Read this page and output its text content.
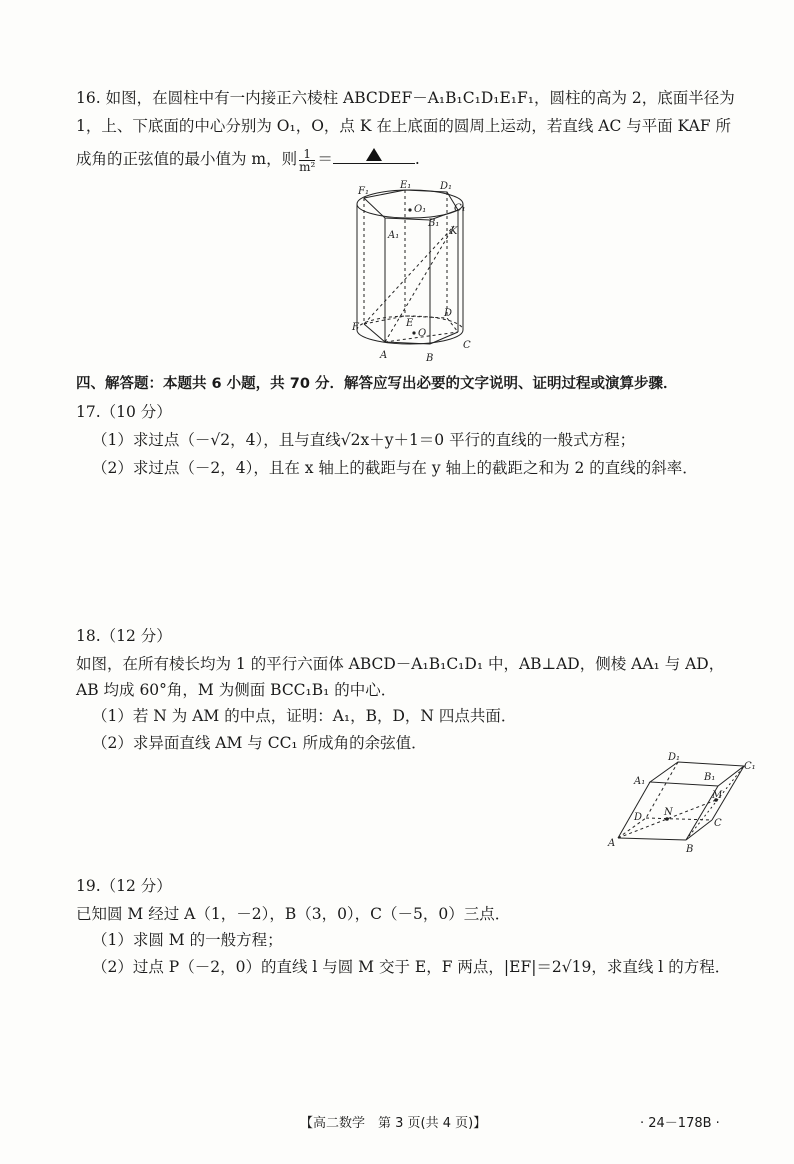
16. 如图，在圆柱中有一内接正六棱柱 ABCDEF－A₁B₁C₁D₁E₁F₁，圆柱的高为 2，底面半径为
1，上、下底面的中心分别为 O₁，O，点 K 在上底面的圆周上运动，若直线 AC 与平面 KAF 所
成角的正弦值的最小值为 m，则 $\frac{1}{\text{m²}}$ ＝	.
F₁
E₁	D₁
O₁	C₁
B₁
A₁	K
F	E
D
O
A	B
C
四、解答题：本题共 6 小题，共 70 分．解答应写出必要的文字说明、证明过程或演算步骤．
17.（10 分）
（1）求过点（－√2，4），且与直线√2x＋y＋1＝0 平行的直线的一般式方程；
（2）求过点（－2，4），且在 x 轴上的截距与在 y 轴上的截距之和为 2 的直线的斜率．
18.（12 分）
如图，在所有棱长均为 1 的平行六面体 ABCD－A₁B₁C₁D₁ 中，AB⊥AD，侧棱 AA₁ 与 AD，
AB 均成 60°角，M 为侧面 BCC₁B₁ 的中心．
（1）若 N 为 AM 的中点，证明：A₁，B，D，N 四点共面．
（2）求异面直线 AM 与 CC₁ 所成角的余弦值．
D₁
C₁
A₁	B₁
M
N
D
C
A
B
19.（12 分）
已知圆 M 经过 A（1，－2），B（3，0），C（－5，0）三点．
（1）求圆 M 的一般方程；
（2）过点 P（－2，0）的直线 l 与圆 M 交于 E，F 两点，|EF|＝2√19，求直线 l 的方程．
【高二数学　第 3 页(共 4 页)】	· 24－178B ·
